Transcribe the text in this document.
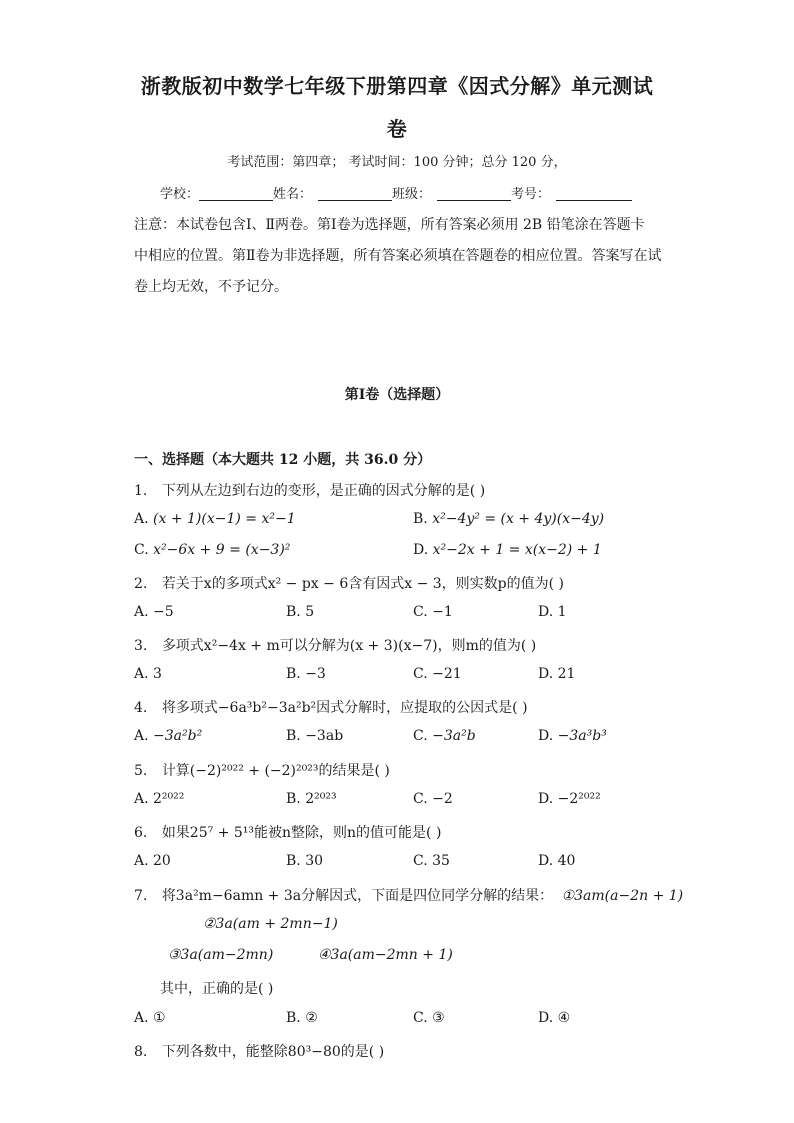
浙教版初中数学七年级下册第四章《因式分解》单元测试
卷
考试范围：第四章； 考试时间：100 分钟；总分 120 分，
学校：	姓名：	班级：	考号：
注意：本试卷包含Ⅰ、Ⅱ两卷。第Ⅰ卷为选择题，所有答案必须用 2B 铅笔涂在答题卡
中相应的位置。第Ⅱ卷为非选择题，所有答案必须填在答题卷的相应位置。答案写在试
卷上均无效，不予记分。
第Ⅰ卷（选择题）
一、选择题（本大题共 12 小题，共 36.0 分）
1. 下列从左边到右边的变形，是正确的因式分解的是( )
A. (x + 1)(x−1) = x²−1	B. x²−4y² = (x + 4y)(x−4y)
C. x²−6x + 9 = (x−3)²	D. x²−2x + 1 = x(x−2) + 1
2. 若关于x的多项式x² − px − 6含有因式x − 3，则实数p的值为( )
A. −5	B. 5	C. −1	D. 1
3. 多项式x²−4x + m可以分解为(x + 3)(x−7)，则m的值为( )
A. 3	B. −3	C. −21	D. 21
4. 将多项式−6a³b²−3a²b²因式分解时，应提取的公因式是( )
A. −3a²b²	B. −3ab	C. −3a²b	D. −3a³b³
5. 计算(−2)²⁰²² + (−2)²⁰²³的结果是( )
A. 2²⁰²²	B. 2²⁰²³	C. −2	D. −2²⁰²²
6. 如果25⁷ + 5¹³能被n整除，则n的值可能是( )
A. 20	B. 30	C. 35	D. 40
7. 将3a²m−6amn + 3a分解因式，下面是四位同学分解的结果： ①3am(a−2n + 1)
②3a(am + 2mn−1)
③3a(am−2mn)	④3a(am−2mn + 1)
其中，正确的是( )
A. ①	B. ②	C. ③	D. ④
8. 下列各数中，能整除80³−80的是( )
